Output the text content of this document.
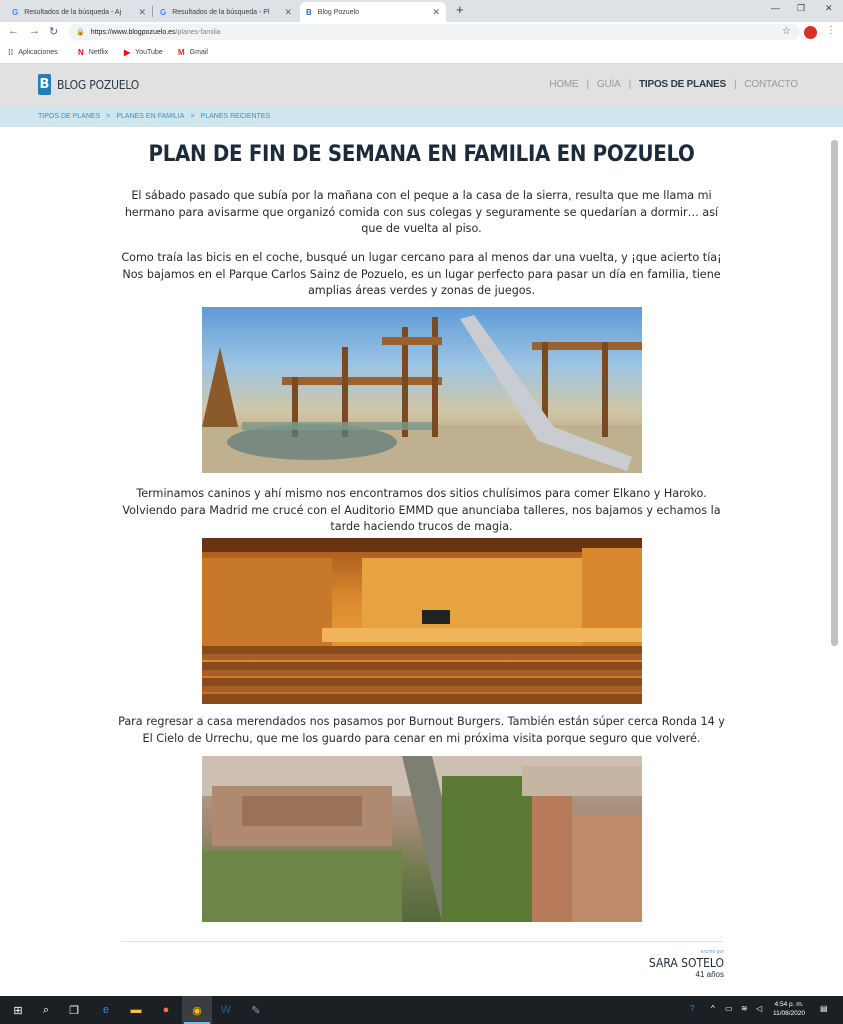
G Resultados de la búsqueda - Aj ✕ G Resultados de la búsqueda - Pl ✕ B Blog Pozuelo	✕ +	— ❐ ✕
← → ↻	🔒 https://www.blogpozuelo.es /planes-familia	☆	⋮
⁞⁞ Aplicaciones	N Netflix ▶ YouTube M Gmail
B BLOG POZUELO	HOME | GUÍA | TIPOS DE PLANES | CONTACTO
TIPOS DE PLANES > PLANES EN FAMILIA > PLANES RECIENTES
PLAN DE FIN DE SEMANA EN FAMILIA EN POZUELO

El sábado pasado que subía por la mañana con el peque a la casa de la sierra, resulta que me llama mi hermano para avisarme que organizó comida con sus colegas y seguramente se quedarían a dormir… así que de vuelta al piso.

Como traía las bicis en el coche, busqué un lugar cercano para al menos dar una vuelta, y ¡que acierto tía¡ Nos bajamos en el Parque Carlos Sainz de Pozuelo, es un lugar perfecto para pasar un día en familia, tiene amplias áreas verdes y zonas de juegos.

Terminamos caninos y ahí mismo nos encontramos dos sitios chulísimos para comer Elkano y Haroko. Volviendo para Madrid me crucé con el Auditorio EMMD que anunciaba talleres, nos bajamos y echamos la tarde haciendo trucos de magia.

Para regresar a casa merendados nos pasamos por Burnout Burgers. También están súper cerca Ronda 14 y El Cielo de Urrechu, que me los guardo para cenar en mi próxima visita porque seguro que volveré.

escrito por
SARA SOTELO
41 años
⊞	⌕	❐	e	▬	●	◉ W	✎	? ^ ▭ ≋ ◁	4:54 p. m.
11/08/2020
▤
